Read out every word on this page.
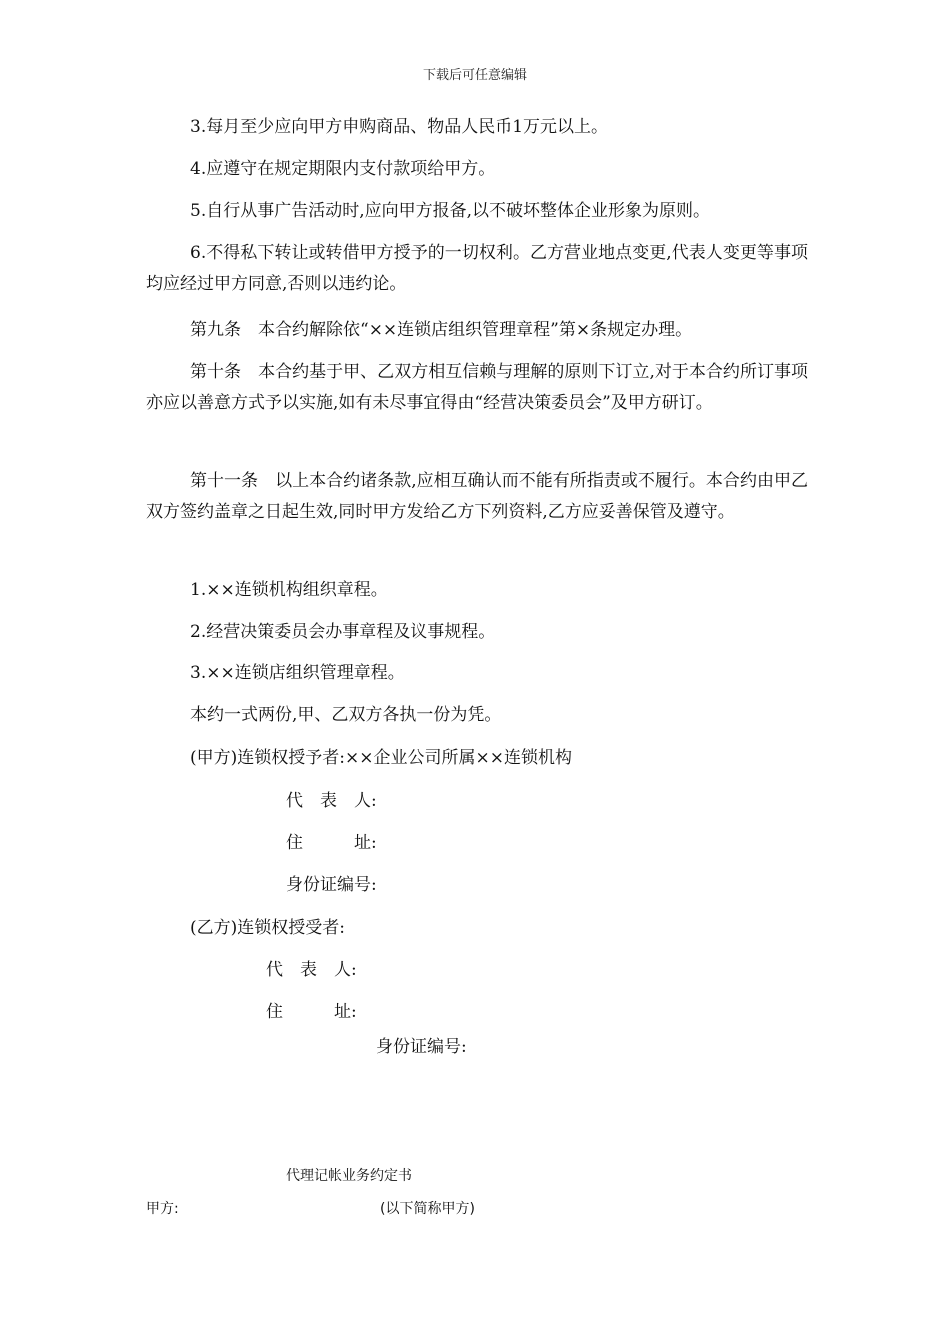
下载后可任意编辑
3.每月至少应向甲方申购商品、物品人民币1万元以上。
4.应遵守在规定期限内支付款项给甲方。
5.自行从事广告活动时,应向甲方报备,以不破坏整体企业形象为原则。
6.不得私下转让或转借甲方授予的一切权利。乙方营业地点变更,代表人变更等事项均应经过甲方同意,否则以违约论。
第九条　本合约解除依“××连锁店组织管理章程”第×条规定办理。
第十条　本合约基于甲、乙双方相互信赖与理解的原则下订立,对于本合约所订事项亦应以善意方式予以实施,如有未尽事宜得由“经营决策委员会”及甲方研订。
第十一条　以上本合约诸条款,应相互确认而不能有所指责或不履行。本合约由甲乙双方签约盖章之日起生效,同时甲方发给乙方下列资料,乙方应妥善保管及遵守。
1.××连锁机构组织章程。
2.经营决策委员会办事章程及议事规程。
3.××连锁店组织管理章程。
本约一式两份,甲、乙双方各执一份为凭。
(甲方)连锁权授予者:××企业公司所属××连锁机构
代　表　人:
住　　　址:
身份证编号:
(乙方)连锁权授受者:
代　表　人:
住　　　址:
身份证编号:
代理记帐业务约定书
甲方:	(以下简称甲方)
